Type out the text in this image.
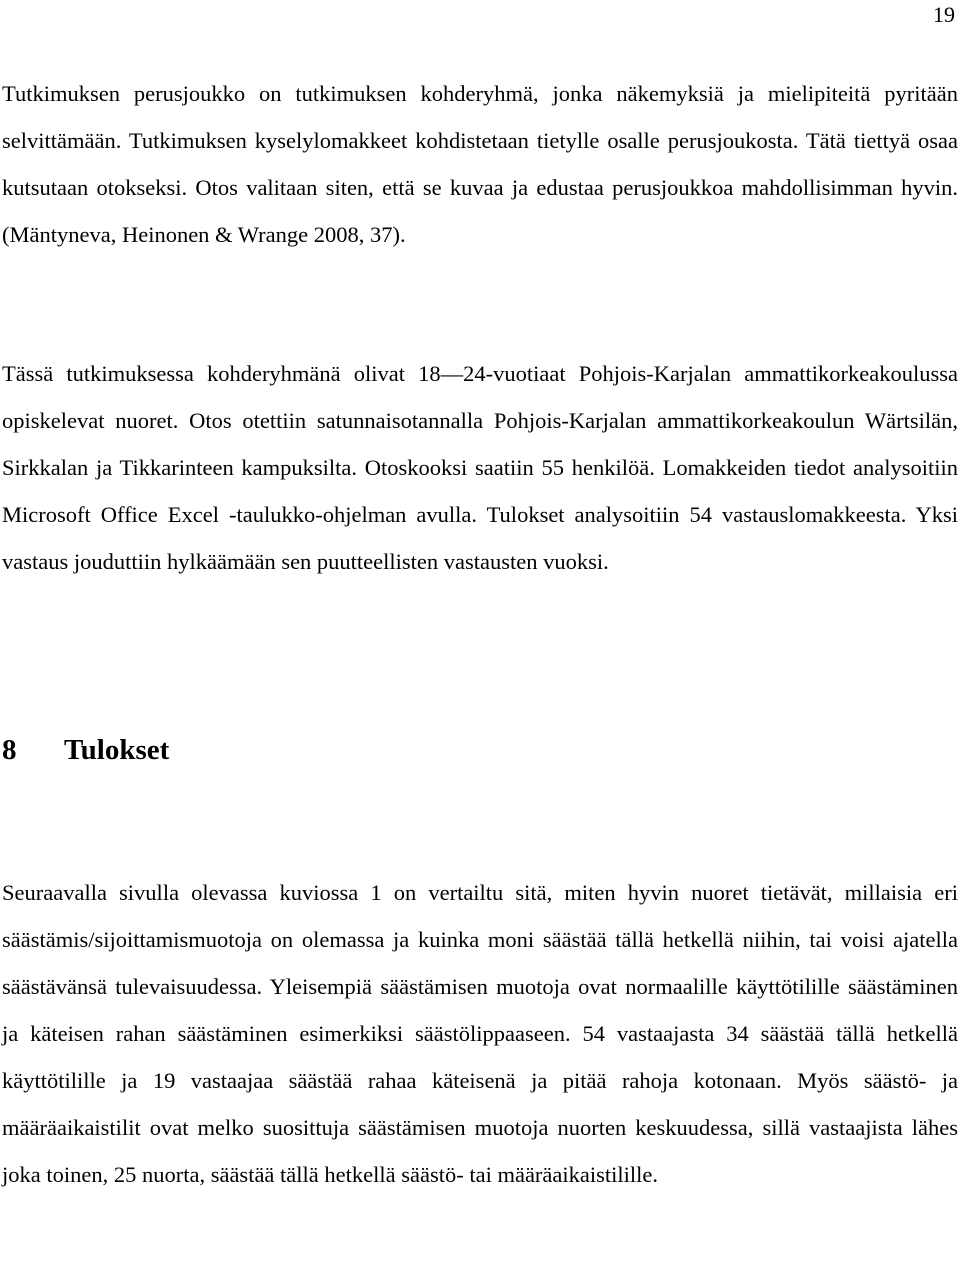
19

Tutkimuksen perusjoukko on tutkimuksen kohderyhmä, jonka näkemyksiä ja mielipiteitä pyritään selvittämään. Tutkimuksen kyselylomakkeet kohdistetaan tietylle osalle perusjoukosta. Tätä tiettyä osaa kutsutaan otokseksi. Otos valitaan siten, että se kuvaa ja edustaa perusjoukkoa mahdollisimman hyvin. (Mäntyneva, Heinonen & Wrange 2008, 37).

Tässä tutkimuksessa kohderyhmänä olivat 18—24-vuotiaat Pohjois-Karjalan ammattikorkeakoulussa opiskelevat nuoret. Otos otettiin satunnaisotannalla Pohjois-Karjalan ammattikorkeakoulun Wärtsilän, Sirkkalan ja Tikkarinteen kampuksilta. Otoskooksi saatiin 55 henkilöä. Lomakkeiden tiedot analysoitiin Microsoft Office Excel -taulukko-ohjelman avulla. Tulokset analysoitiin 54 vastauslomakkeesta. Yksi vastaus jouduttiin hylkäämään sen puutteellisten vastausten vuoksi.

8 Tulokset

Seuraavalla sivulla olevassa kuviossa 1 on vertailtu sitä, miten hyvin nuoret tietävät, millaisia eri säästämis/sijoittamismuotoja on olemassa ja kuinka moni säästää tällä hetkellä niihin, tai voisi ajatella säästävänsä tulevaisuudessa. Yleisempiä säästämisen muotoja ovat normaalille käyttötilille säästäminen ja käteisen rahan säästäminen esimerkiksi säästölippaaseen. 54 vastaajasta 34 säästää tällä hetkellä käyttötilille ja 19 vastaajaa säästää rahaa käteisenä ja pitää rahoja kotonaan. Myös säästö- ja määräaikaistilit ovat melko suosittuja säästämisen muotoja nuorten keskuudessa, sillä vastaajista lähes joka toinen, 25 nuorta, säästää tällä hetkellä säästö- tai määräaikaistilille.
